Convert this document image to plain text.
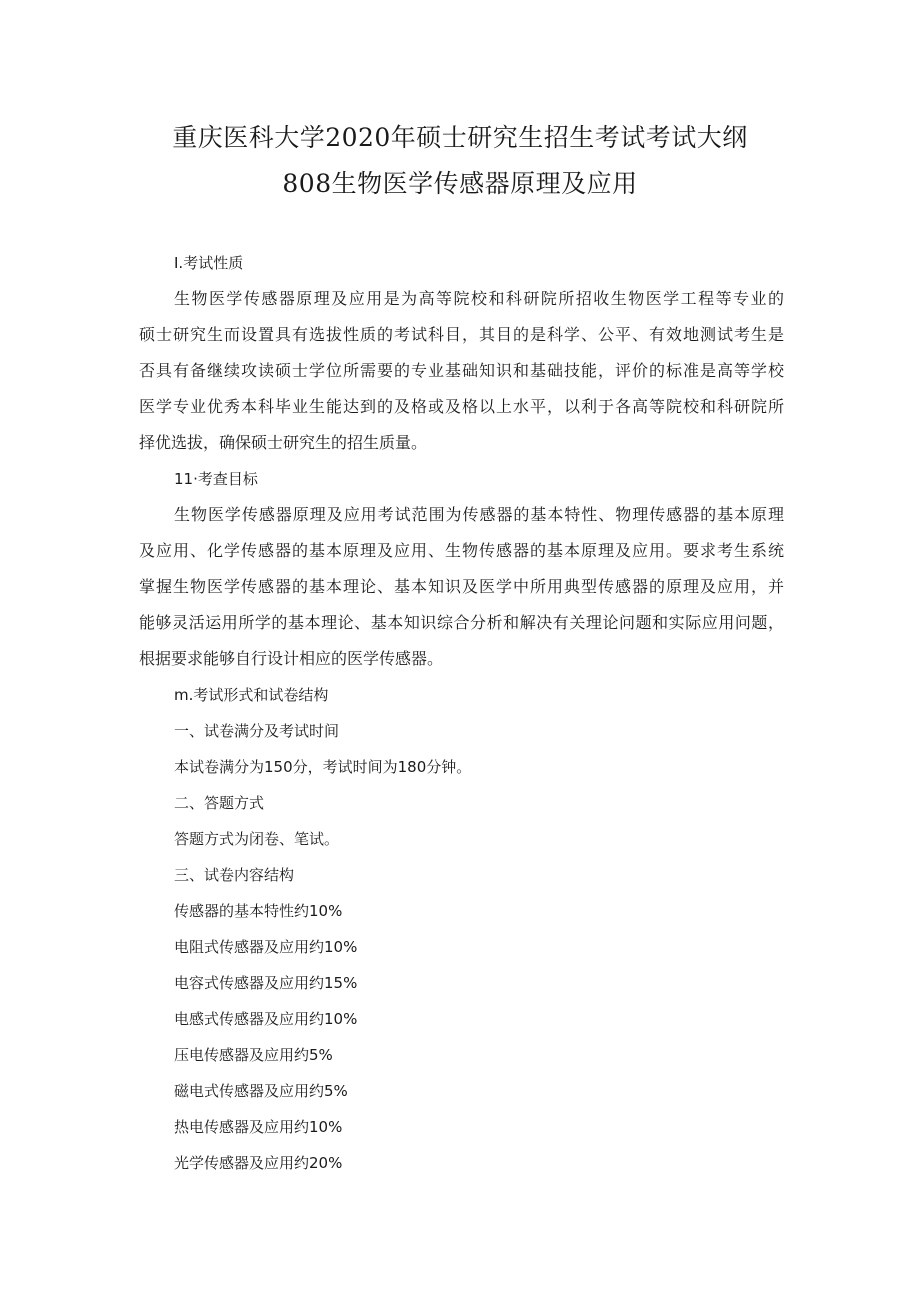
重庆医科大学2020年硕士研究生招生考试考试大纲
808生物医学传感器原理及应用
I.考试性质
生物医学传感器原理及应用是为高等院校和科研院所招收生物医学工程等专业的
硕士研究生而设置具有选拔性质的考试科目，其目的是科学、公平、有效地测试考生是
否具有备继续攻读硕士学位所需要的专业基础知识和基础技能，评价的标准是高等学校
医学专业优秀本科毕业生能达到的及格或及格以上水平，以利于各高等院校和科研院所
择优选拔，确保硕士研究生的招生质量。
11·考查目标
生物医学传感器原理及应用考试范围为传感器的基本特性、物理传感器的基本原理
及应用、化学传感器的基本原理及应用、生物传感器的基本原理及应用。要求考生系统
掌握生物医学传感器的基本理论、基本知识及医学中所用典型传感器的原理及应用，并
能够灵活运用所学的基本理论、基本知识综合分析和解决有关理论问题和实际应用问题，
根据要求能够自行设计相应的医学传感器。
m.考试形式和试卷结构
一、试卷满分及考试时间
本试卷满分为150分，考试时间为180分钟。
二、答题方式
答题方式为闭卷、笔试。
三、试卷内容结构
传感器的基本特性约10%
电阻式传感器及应用约10%
电容式传感器及应用约15%
电感式传感器及应用约10%
压电传感器及应用约5%
磁电式传感器及应用约5%
热电传感器及应用约10%
光学传感器及应用约20%
